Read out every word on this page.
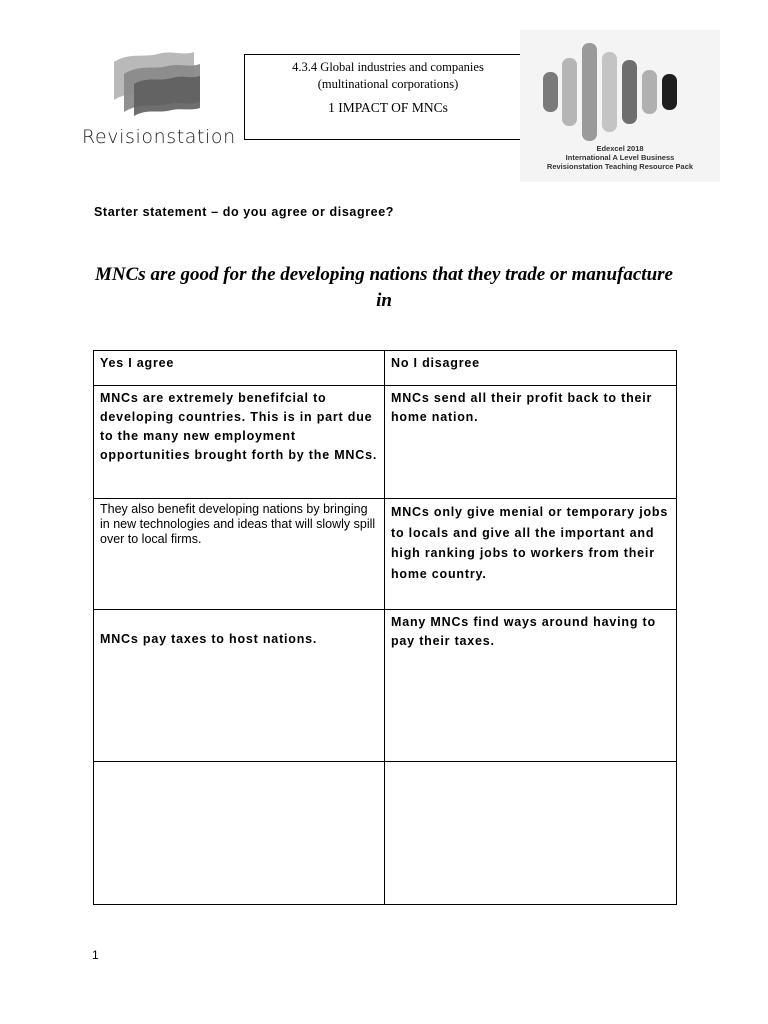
Revisionstation
4.3.4 Global industries and companies
(multinational corporations)
1 IMPACT OF MNCs
Edexcel 2018
International A Level Business
Revisionstation Teaching Resource Pack
Starter statement – do you agree or disagree?
MNCs are good for the developing nations that they trade or manufacture in
Yes I agree	No I disagree
MNCs are extremely benefifcial to developing countries. This is in part due to the many new employment opportunities brought forth by the MNCs.	MNCs send all their profit back to their home nation.
They also benefit developing nations by bringing in new technologies and ideas that will slowly spill over to local firms.	MNCs only give menial or temporary jobs to locals and give all the important and high ranking jobs to workers from their home country.
MNCs pay taxes to host nations.	Many MNCs find ways around having to pay their taxes.

1
